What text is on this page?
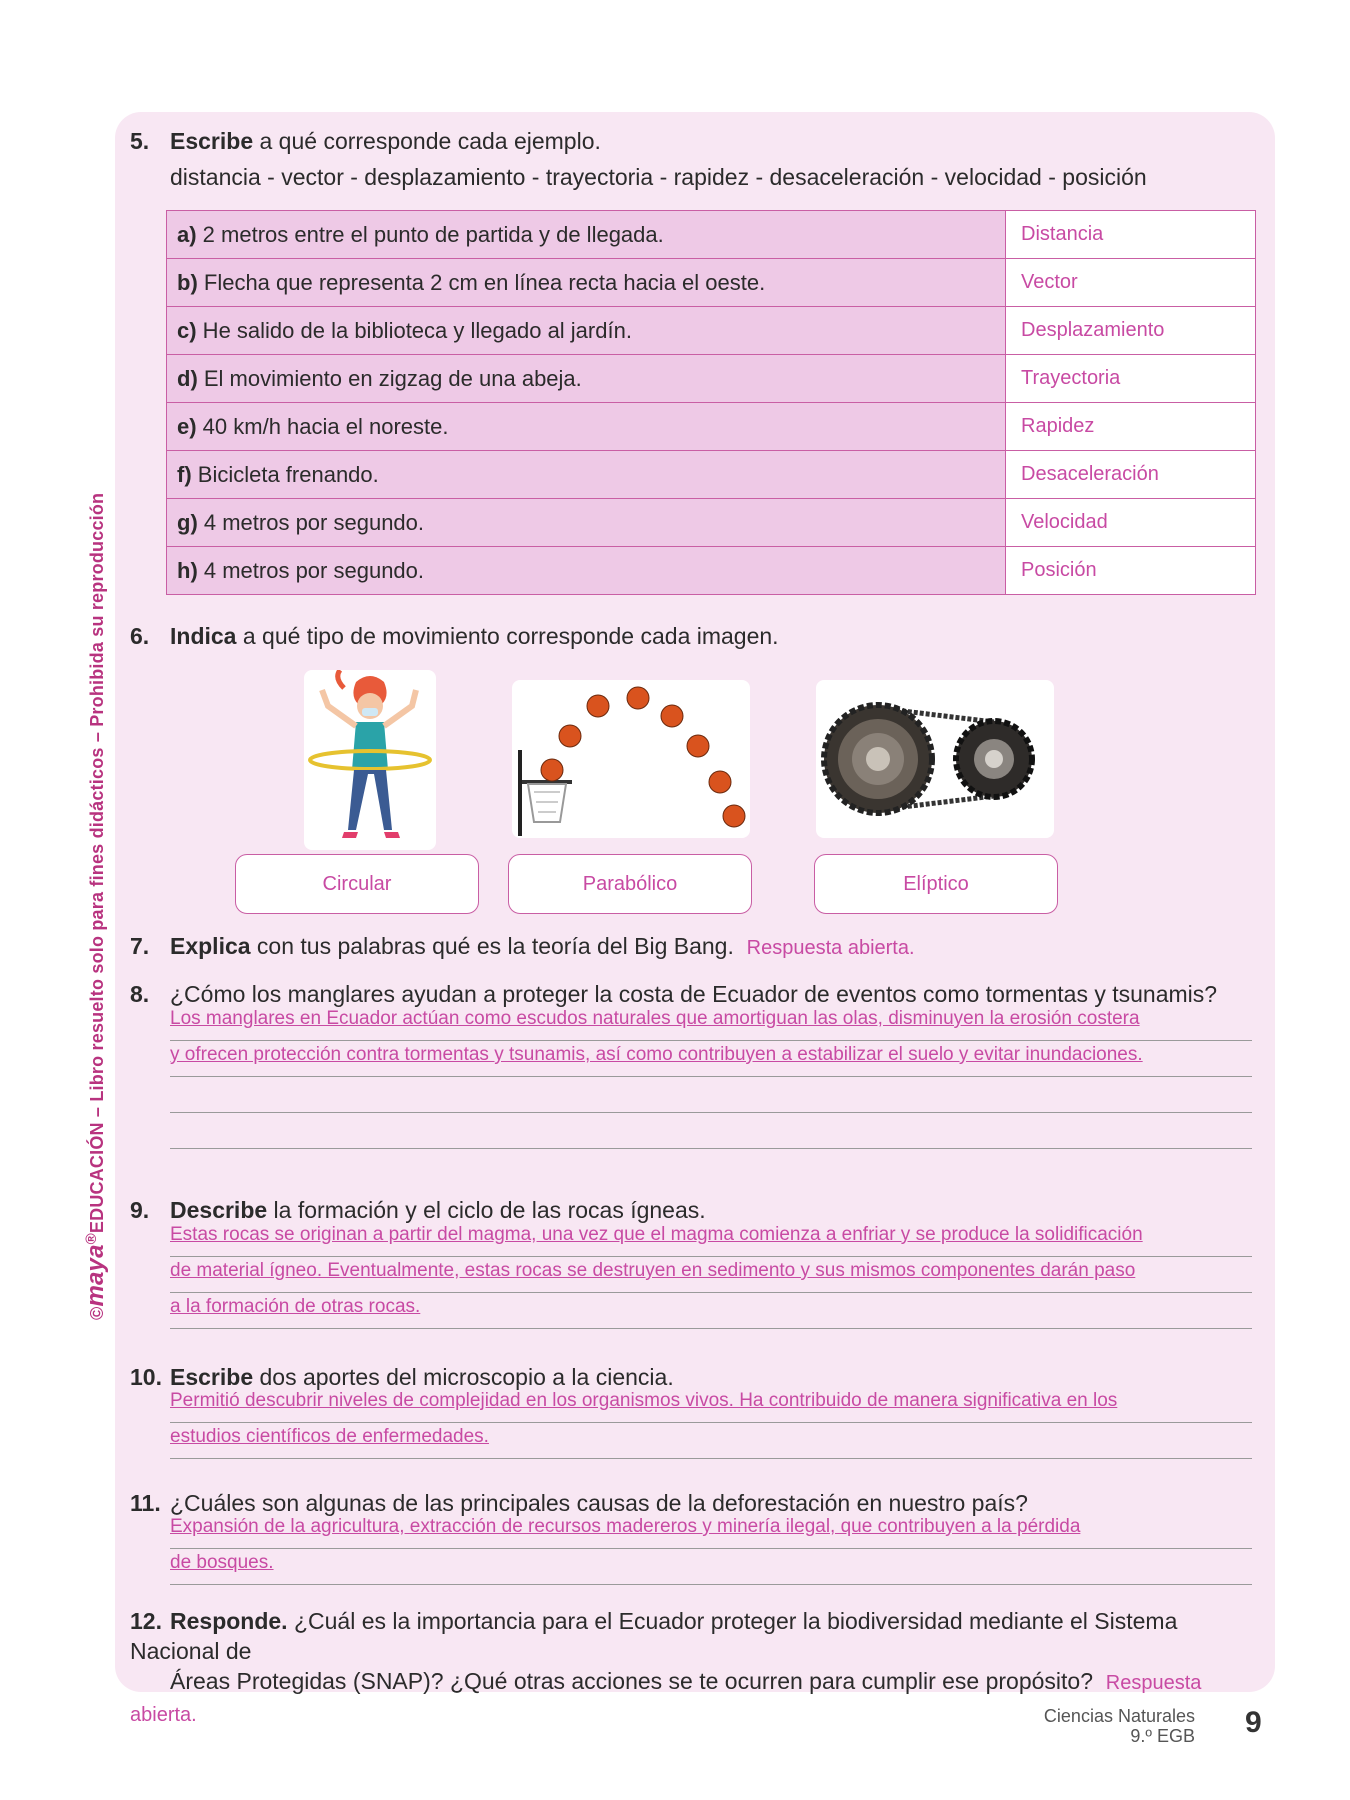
©maya®EDUCACIÓN – Libro resuelto solo para fines didácticos – Prohibida su reproducción
5. Escribe a qué corresponde cada ejemplo.
distancia - vector - desplazamiento - trayectoria - rapidez - desaceleración - velocidad - posición
a) 2 metros entre el punto de partida y de llegada.	Distancia
b) Flecha que representa 2 cm en línea recta hacia el oeste.	Vector
c) He salido de la biblioteca y llegado al jardín.	Desplazamiento
d) El movimiento en zigzag de una abeja.	Trayectoria
e) 40 km/h hacia el noreste.	Rapidez
f) Bicicleta frenando.	Desaceleración
g) 4 metros por segundo.	Velocidad
h) 4 metros por segundo.	Posición
6. Indica a qué tipo de movimiento corresponde cada imagen.
Circular	Parabólico	Elíptico
7. Explica con tus palabras qué es la teoría del Big Bang. Respuesta abierta.
8. ¿Cómo los manglares ayudan a proteger la costa de Ecuador de eventos como tormentas y tsunamis?
Los manglares en Ecuador actúan como escudos naturales que amortiguan las olas, disminuyen la erosión costera
y ofrecen protección contra tormentas y tsunamis, así como contribuyen a estabilizar el suelo y evitar inundaciones.
9. Describe la formación y el ciclo de las rocas ígneas.
Estas rocas se originan a partir del magma, una vez que el magma comienza a enfriar y se produce la solidificación
de material ígneo. Eventualmente, estas rocas se destruyen en sedimento y sus mismos componentes darán paso
a la formación de otras rocas.
10. Escribe dos aportes del microscopio a la ciencia.
Permitió descubrir niveles de complejidad en los organismos vivos. Ha contribuido de manera significativa en los
estudios científicos de enfermedades.
11. ¿Cuáles son algunas de las principales causas de la deforestación en nuestro país?
Expansión de la agricultura, extracción de recursos madereros y minería ilegal, que contribuyen a la pérdida
de bosques.
12. Responde. ¿Cuál es la importancia para el Ecuador proteger la biodiversidad mediante el Sistema Nacional de
Áreas Protegidas (SNAP)? ¿Qué otras acciones se te ocurren para cumplir ese propósito? Respuesta abierta.	Ciencias Naturales
9.º EGB 9
